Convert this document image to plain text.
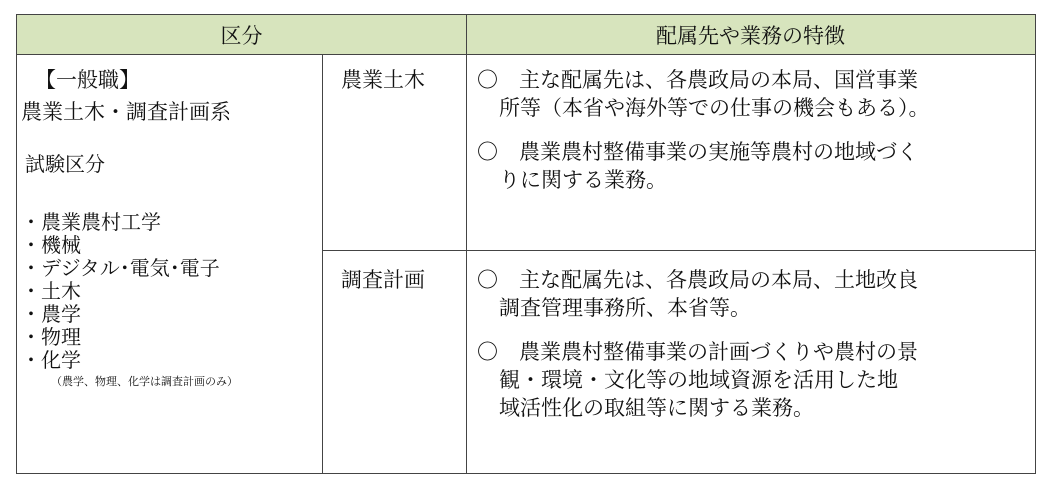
区分	配属先や業務の特徴
【一般職】
農業土木・調査計画系
試験区分
・農業農村工学
・機械
・デジタル･電気･電子
・土木
・農学
・物理
・化学
（農学、物理、化学は調査計画のみ）
農業土木 〇　主な配属先は、各農政局の本局、国営事業
所等（本省や海外等での仕事の機会もある）。
〇　農業農村整備事業の実施等農村の地域づく
りに関する業務。
調査計画 〇　主な配属先は、各農政局の本局、土地改良
調査管理事務所、本省等。
〇　農業農村整備事業の計画づくりや農村の景
観・環境・文化等の地域資源を活用した地
域活性化の取組等に関する業務。
